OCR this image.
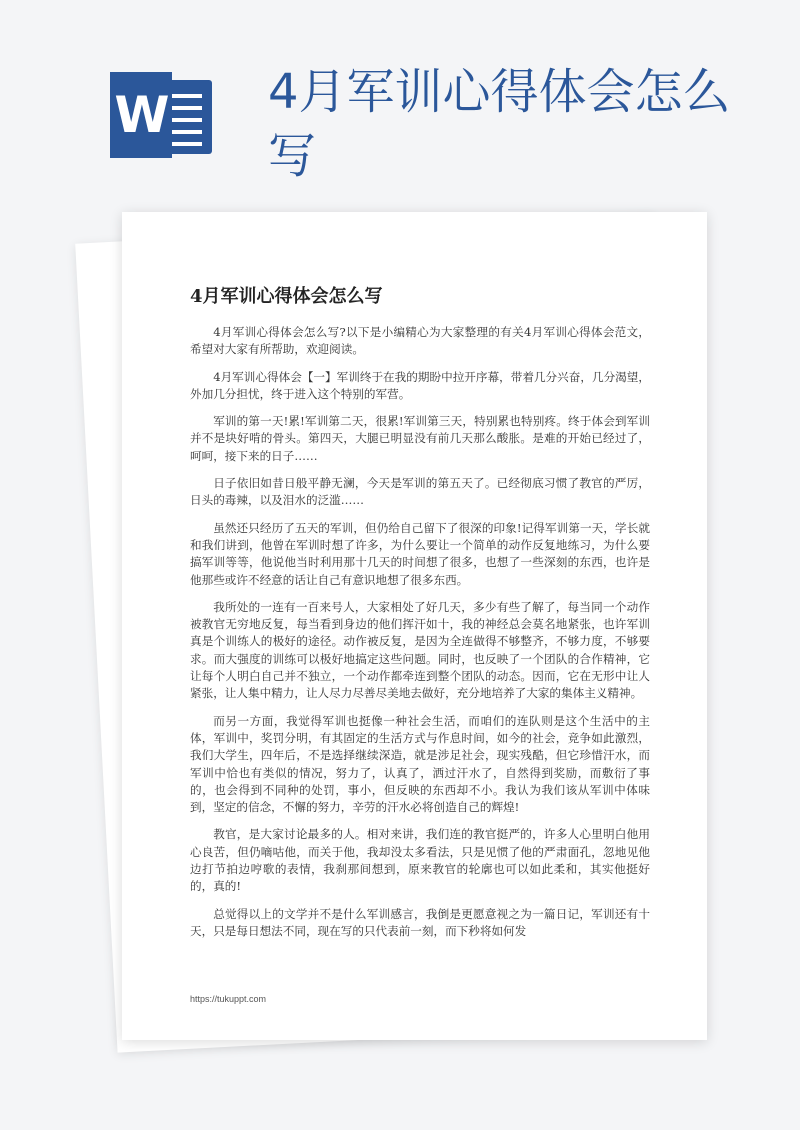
W 4月军训心得体会怎么写
4月军训心得体会怎么写

4月军训心得体会怎么写?以下是小编精心为大家整理的有关4月军训心得体会范文，希望对大家有所帮助，欢迎阅读。

4月军训心得体会【一】军训终于在我的期盼中拉开序幕，带着几分兴奋，几分渴望，外加几分担忧，终于进入这个特别的军营。

军训的第一天!累!军训第二天，很累!军训第三天，特别累也特别疼。终于体会到军训并不是块好啃的骨头。第四天，大腿已明显没有前几天那么酸胀。是难的开始已经过了，呵呵，接下来的日子……

日子依旧如昔日般平静无澜，今天是军训的第五天了。已经彻底习惯了教官的严厉，日头的毒辣，以及泪水的泛滥……

虽然还只经历了五天的军训，但仍给自己留下了很深的印象!记得军训第一天，学长就和我们讲到，他曾在军训时想了许多，为什么要让一个简单的动作反复地练习，为什么要搞军训等等，他说他当时利用那十几天的时间想了很多，也想了一些深刻的东西，也许是他那些或许不经意的话让自己有意识地想了很多东西。

我所处的一连有一百来号人，大家相处了好几天，多少有些了解了，每当同一个动作被教官无穷地反复，每当看到身边的他们挥汗如十，我的神经总会莫名地紧张，也许军训真是个训练人的极好的途径。动作被反复，是因为全连做得不够整齐，不够力度，不够要求。而大强度的训练可以极好地搞定这些问题。同时，也反映了一个团队的合作精神，它让每个人明白自己并不独立，一个动作都牵连到整个团队的动态。因而，它在无形中让人紧张，让人集中精力，让人尽力尽善尽美地去做好，充分地培养了大家的集体主义精神。

而另一方面，我觉得军训也挺像一种社会生活，而咱们的连队则是这个生活中的主体，军训中，奖罚分明，有其固定的生活方式与作息时间，如今的社会，竞争如此激烈，我们大学生，四年后，不是选择继续深造，就是涉足社会，现实残酷，但它珍惜汗水，而军训中恰也有类似的情况，努力了，认真了，洒过汗水了，自然得到奖励，而敷衍了事的，也会得到不同种的处罚，事小，但反映的东西却不小。我认为我们该从军训中体味到，坚定的信念，不懈的努力，辛劳的汗水必将创造自己的辉煌!

教官，是大家讨论最多的人。相对来讲，我们连的教官挺严的，许多人心里明白他用心良苦，但仍嘀咕他，而关于他，我却没太多看法，只是见惯了他的严肃面孔，忽地见他边打节拍边哼歌的表情，我刹那间想到，原来教官的轮廓也可以如此柔和，其实他挺好的，真的!

总觉得以上的文学并不是什么军训感言，我倒是更愿意视之为一篇日记，军训还有十天，只是每日想法不同，现在写的只代表前一刻，而下秒将如何发

https://tukuppt.com
